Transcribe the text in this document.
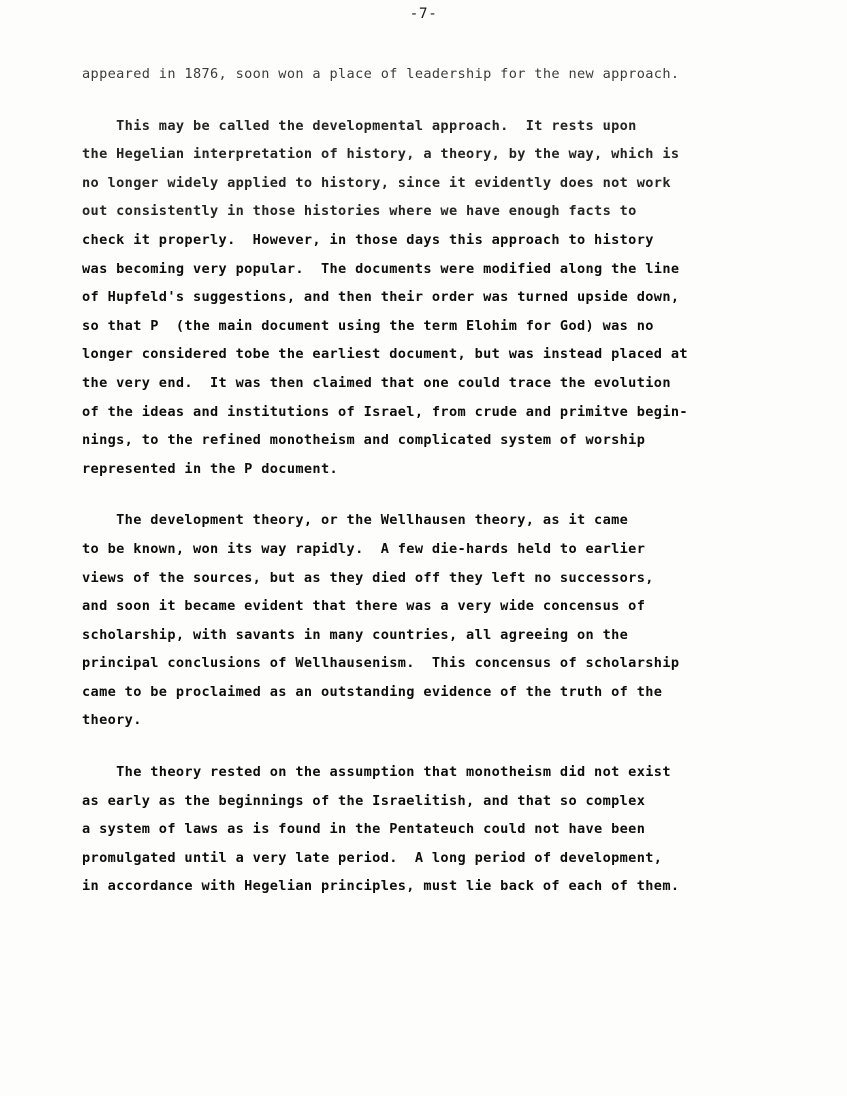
-7-

appeared in 1876, soon won a place of leadership for the new approach.

This may be called the developmental approach.  It rests upon
the Hegelian interpretation of history, a theory, by the way, which is
no longer widely applied to history, since it evidently does not work
out consistently in those histories where we have enough facts to
check it properly.  However, in those days this approach to history
was becoming very popular.  The documents were modified along the line
of Hupfeld's suggestions, and then their order was turned upside down,
so that P  (the main document using the term Elohim for God) was no
longer considered tobe the earliest document, but was instead placed at
the very end.  It was then claimed that one could trace the evolution
of the ideas and institutions of Israel, from crude and primitve begin-
nings, to the refined monotheism and complicated system of worship
represented in the P document.

The development theory, or the Wellhausen theory, as it came
to be known, won its way rapidly.  A few die-hards held to earlier
views of the sources, but as they died off they left no successors,
and soon it became evident that there was a very wide concensus of
scholarship, with savants in many countries, all agreeing on the
principal conclusions of Wellhausenism.  This concensus of scholarship
came to be proclaimed as an outstanding evidence of the truth of the
theory.

The theory rested on the assumption that monotheism did not exist
as early as the beginnings of the Israelitish, and that so complex
a system of laws as is found in the Pentateuch could not have been
promulgated until a very late period.  A long period of development,
in accordance with Hegelian principles, must lie back of each of them.
